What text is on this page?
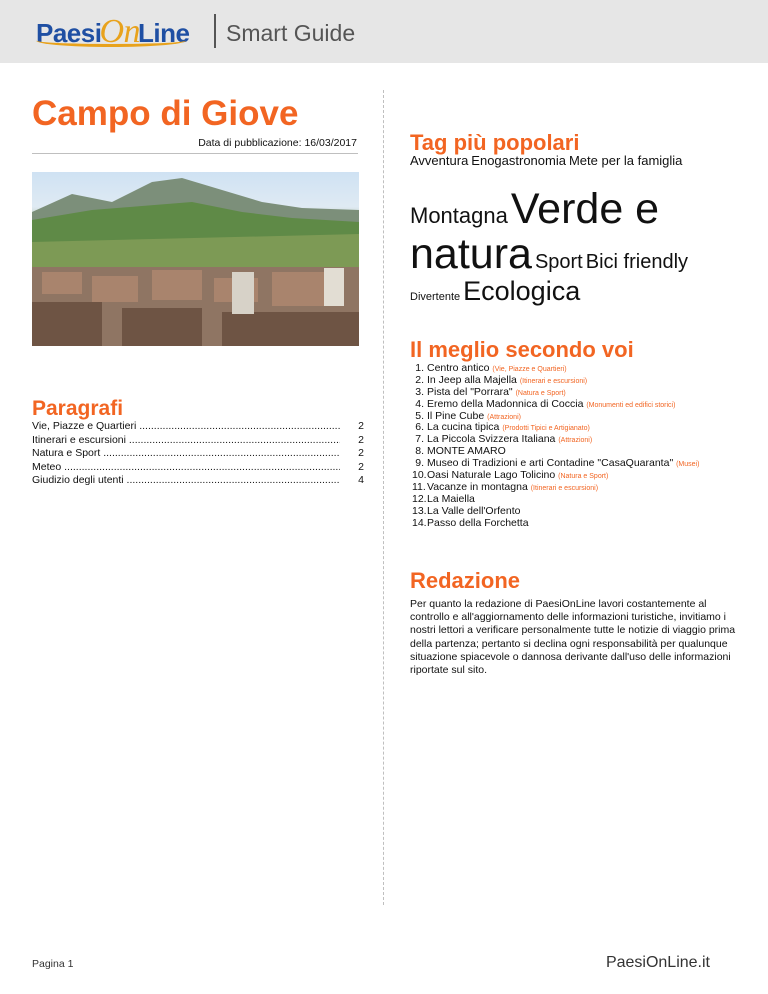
PaesiOnLine Smart Guide
Campo di Giove
Data di pubblicazione: 16/03/2017
Paragrafi
Vie, Piazze e Quartieri .....	2
Itinerari e escursioni .....	2
Natura e Sport .....	2
Meteo .....	2
Giudizio degli utenti .....	4
Tag più popolari
Avventura Enogastronomia Mete per la famiglia

MontagnaVerde e natura Sport Bici friendly
Divertente Ecologica
Il meglio secondo voi
1. Centro antico (Vie, Piazze e Quartieri)
2. In Jeep alla Majella (Itinerari e escursioni)
3. Pista del "Porrara" (Natura e Sport)
4. Eremo della Madonnica di Coccia (Monumenti ed edifici storici)
5. Il Pine Cube (Attrazioni)
6. La cucina tipica (Prodotti Tipici e Artigianato)
7. La Piccola Svizzera Italiana (Attrazioni)
8. MONTE AMARO
9. Museo di Tradizioni e arti Contadine "CasaQuaranta" (Musei)
10.Oasi Naturale Lago Tolicino (Natura e Sport)
11.Vacanze in montagna (Itinerari e escursioni)
12.La Maiella
13.La Valle dell'Orfento
14.Passo della Forchetta
Redazione
Per quanto la redazione di PaesiOnLine lavori costantemente al controllo e all'aggiornamento delle informazioni turistiche, invitiamo i nostri lettori a verificare personalmente tutte le notizie di viaggio prima della partenza; pertanto si declina ogni responsabilità per qualunque situazione spiacevole o dannosa derivante dall'uso delle informazioni riportate sul sito.
Pagina 1	PaesiOnLine.it
